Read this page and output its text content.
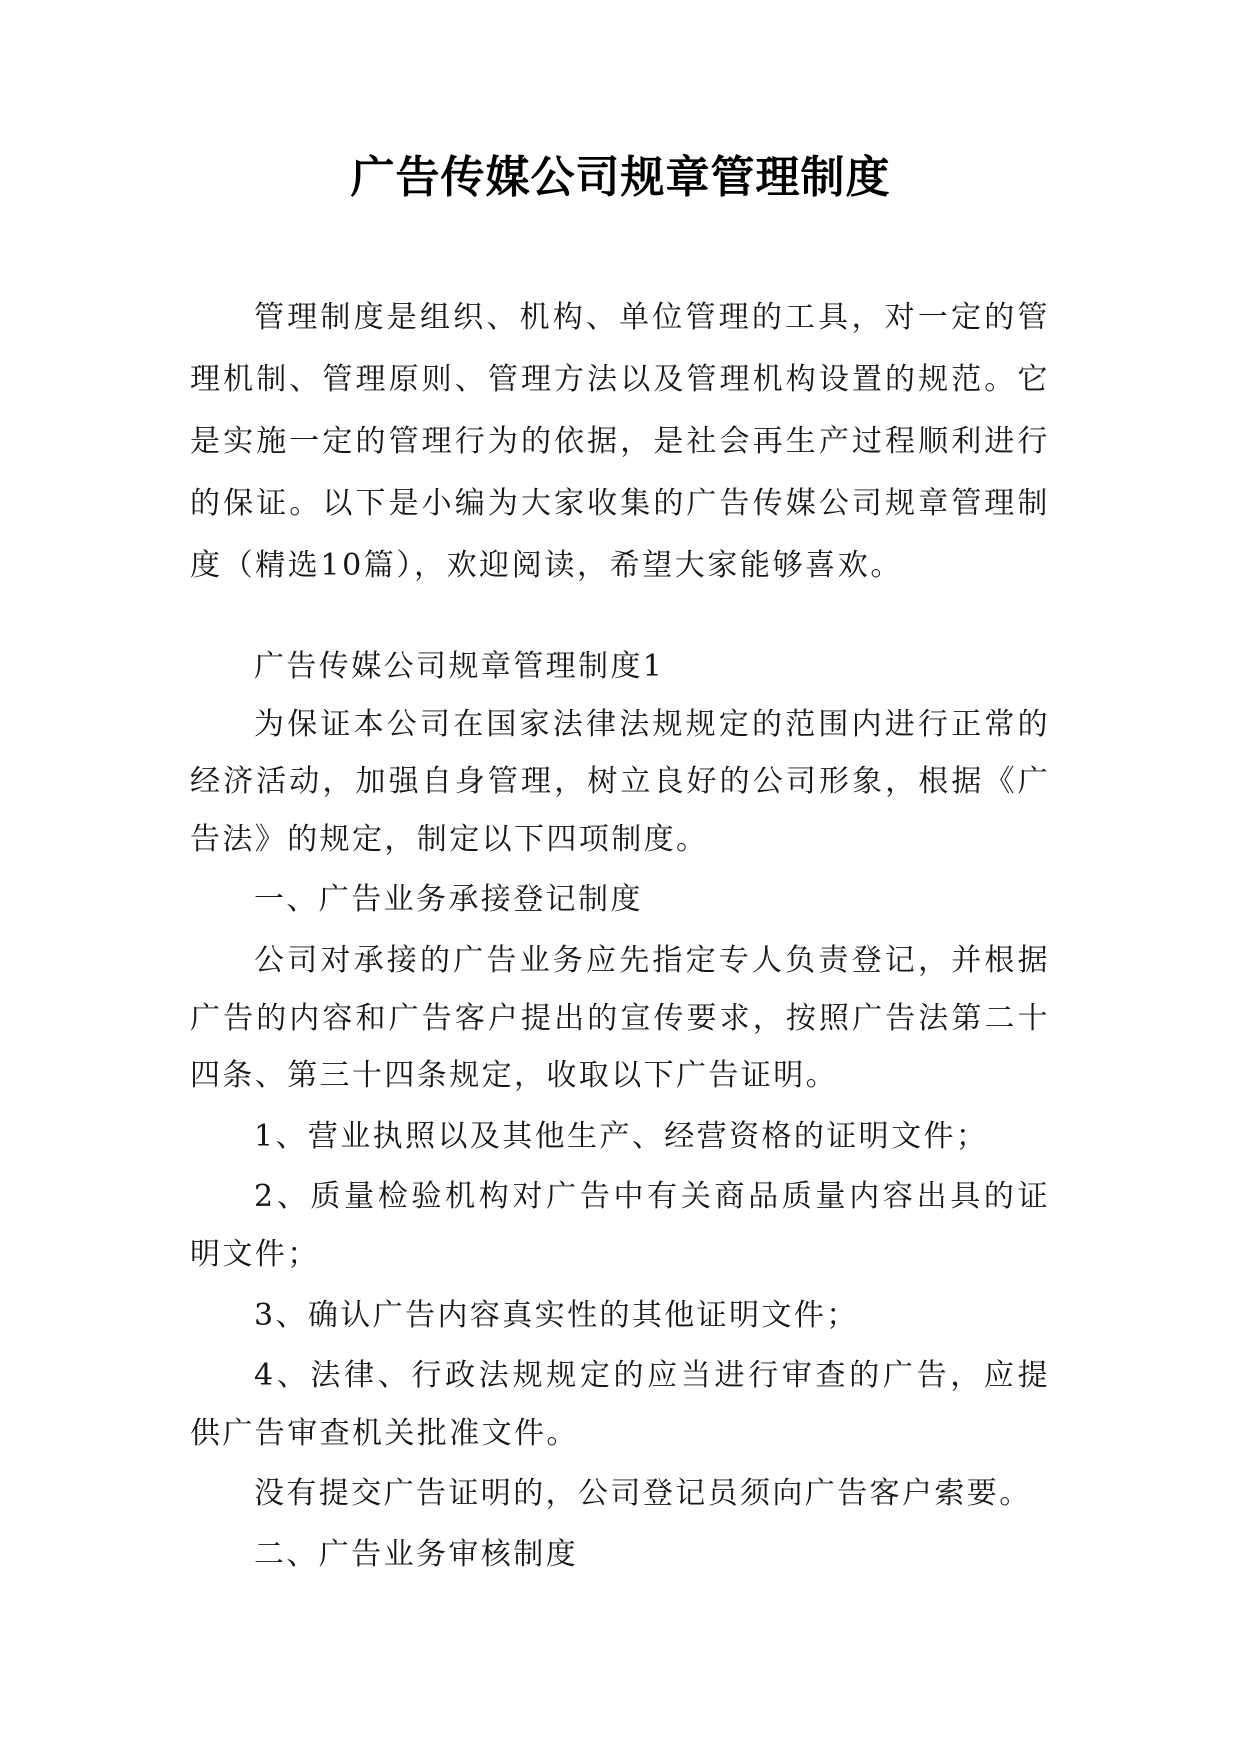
广告传媒公司规章管理制度

管理制度是组织、机构、单位管理的工具，对一定的管理机制、管理原则、管理方法以及管理机构设置的规范。它是实施一定的管理行为的依据，是社会再生产过程顺利进行的保证。以下是小编为大家收集的广告传媒公司规章管理制度（精选10篇），欢迎阅读，希望大家能够喜欢。

广告传媒公司规章管理制度1

为保证本公司在国家法律法规规定的范围内进行正常的经济活动，加强自身管理，树立良好的公司形象，根据《广告法》的规定，制定以下四项制度。

一、广告业务承接登记制度

公司对承接的广告业务应先指定专人负责登记，并根据广告的内容和广告客户提出的宣传要求，按照广告法第二十四条、第三十四条规定，收取以下广告证明。

1、营业执照以及其他生产、经营资格的证明文件；

2、质量检验机构对广告中有关商品质量内容出具的证明文件；

3、确认广告内容真实性的其他证明文件；

4、法律、行政法规规定的应当进行审查的广告，应提供广告审查机关批准文件。

没有提交广告证明的，公司登记员须向广告客户索要。

二、广告业务审核制度
